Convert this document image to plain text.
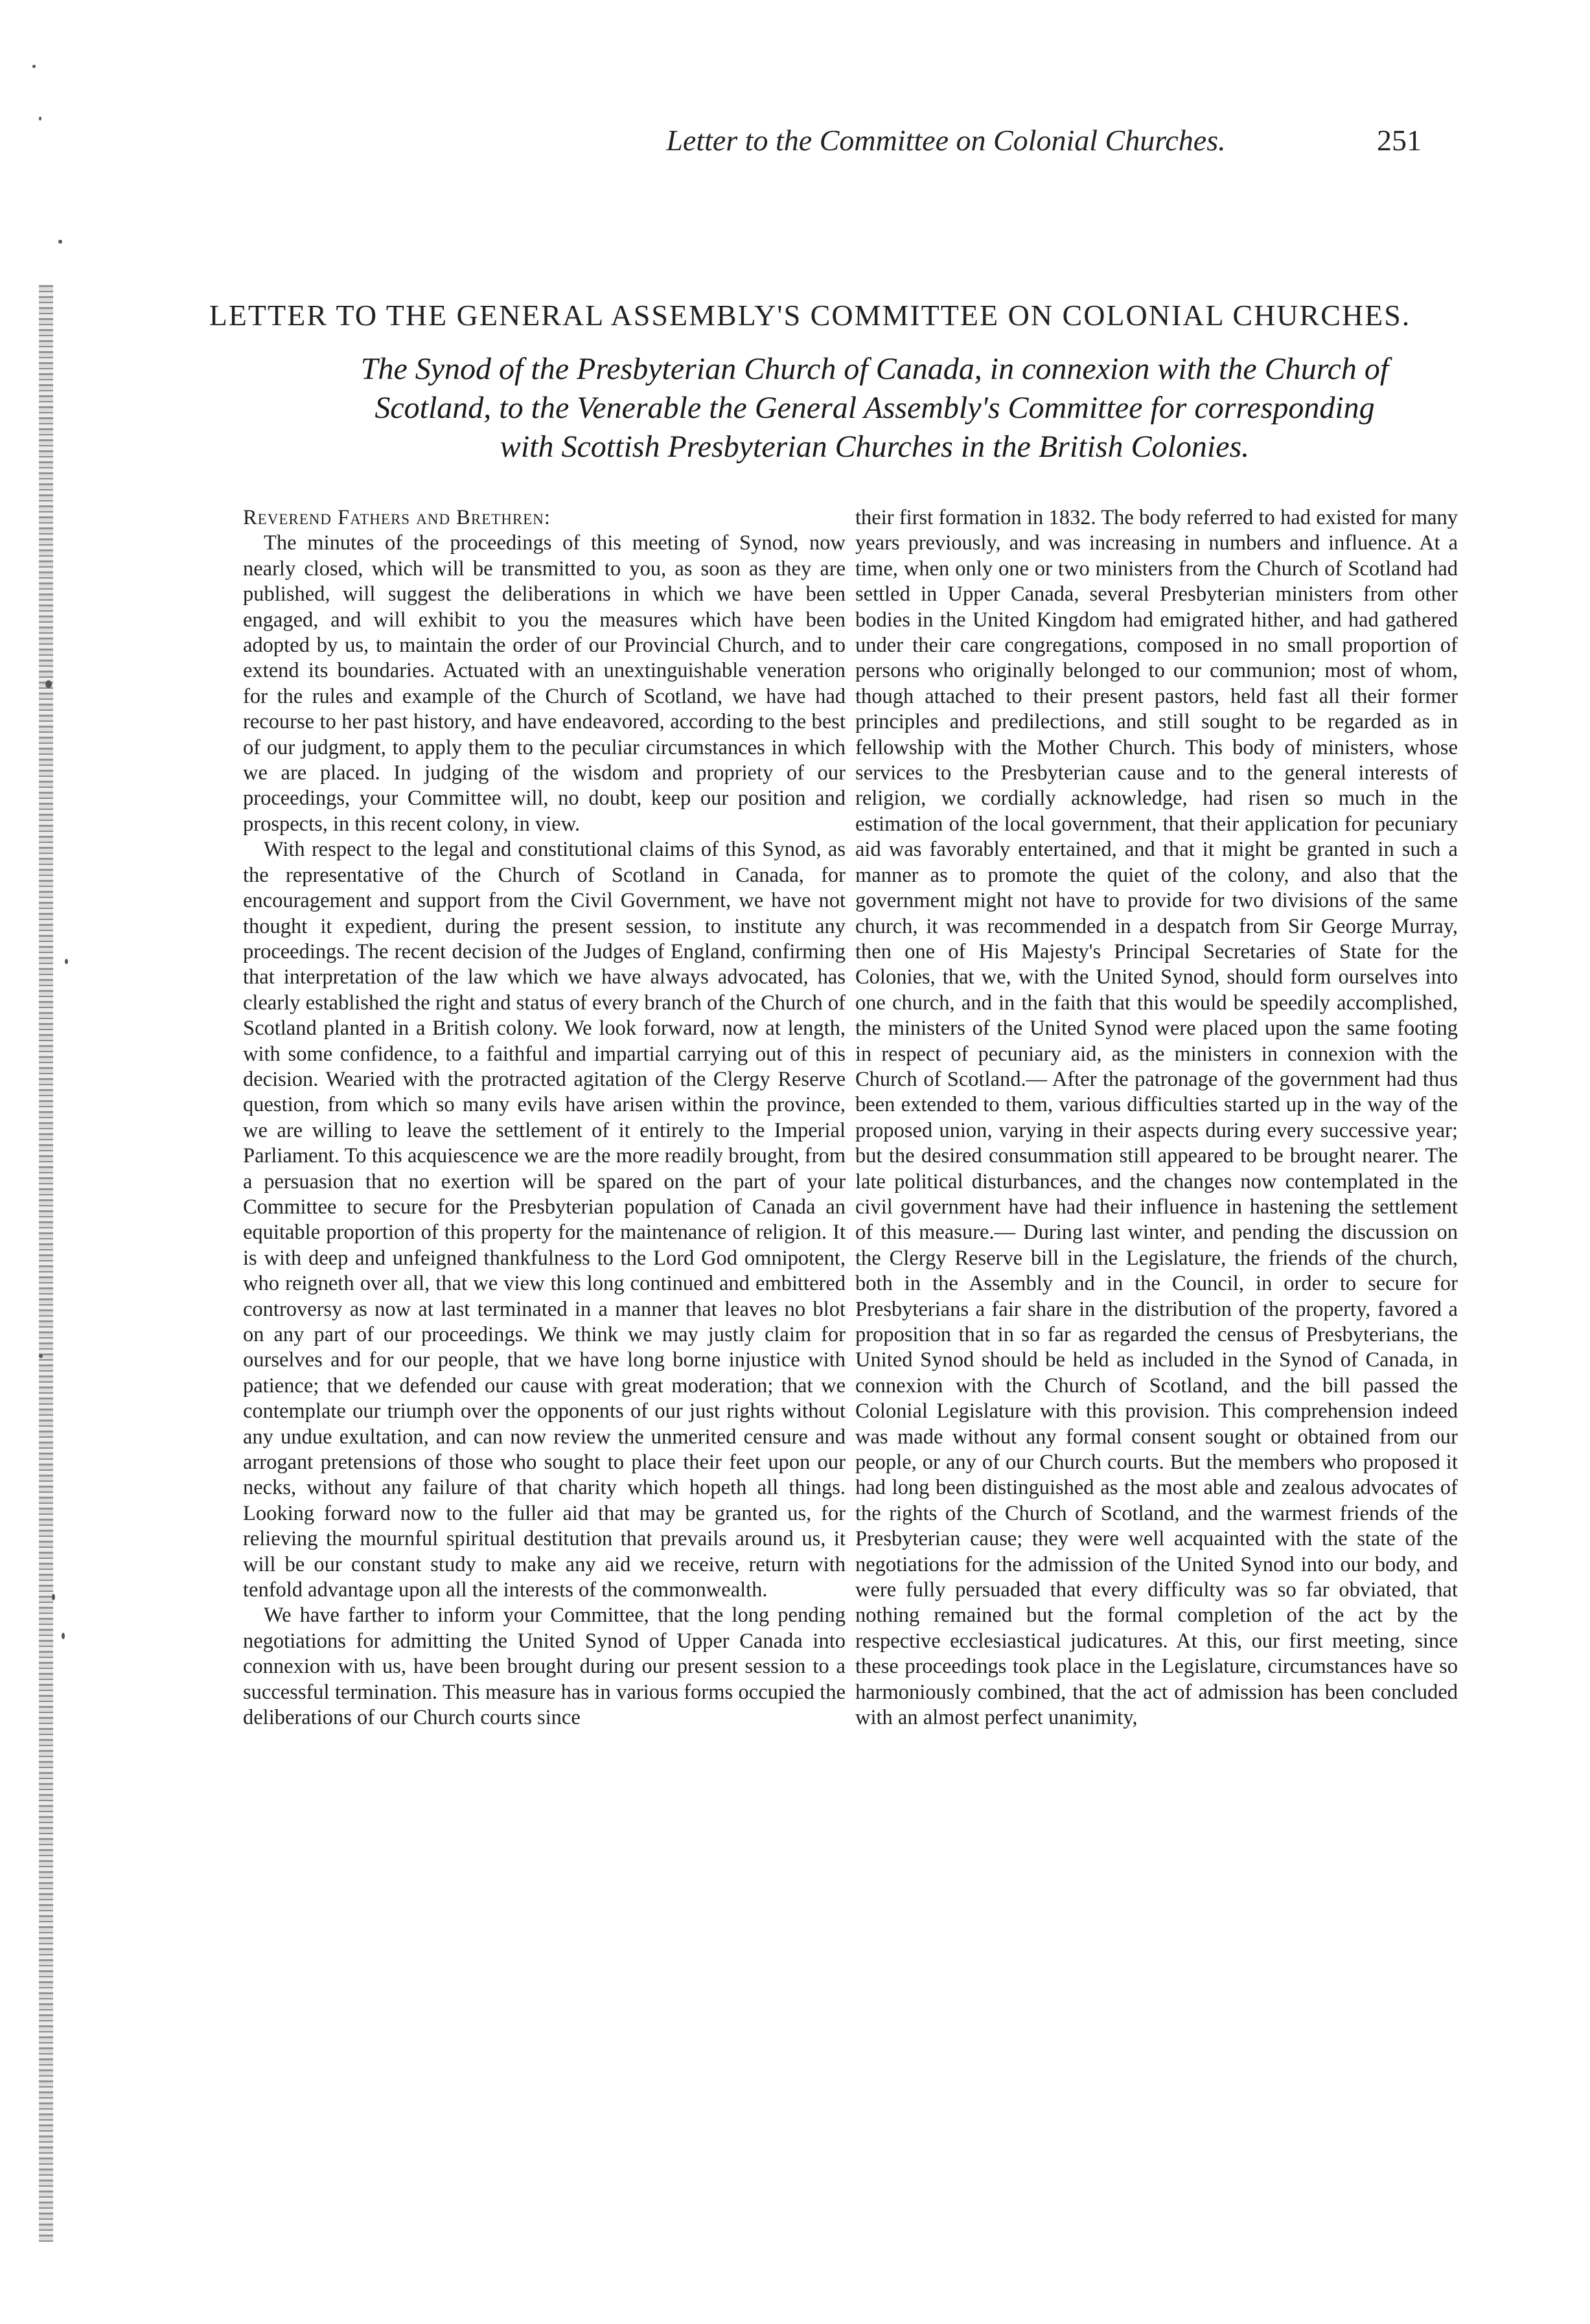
Letter to the Committee on Colonial Churches.	251
LETTER TO THE GENERAL ASSEMBLY'S COMMITTEE ON COLONIAL CHURCHES.
The Synod of the Presbyterian Church of Canada, in connexion with the Church of
Scotland, to the Venerable the General Assembly's Committee for corresponding
with Scottish Presbyterian Churches in the British Colonies.

Reverend Fathers and Brethren:

The minutes of the proceedings of this meeting of Synod, now nearly closed, which will be transmitted to you, as soon as they are published, will suggest the deliberations in which we have been engaged, and will exhibit to you the measures which have been adopted by us, to maintain the order of our Provincial Church, and to extend its boundaries. Actuated with an unextinguishable veneration for the rules and example of the Church of Scotland, we have had recourse to her past history, and have endeavored, according to the best of our judgment, to apply them to the peculiar circumstances in which we are placed. In judging of the wisdom and propriety of our proceedings, your Committee will, no doubt, keep our position and prospects, in this recent colony, in view.

With respect to the legal and constitutional claims of this Synod, as the representative of the Church of Scotland in Canada, for encouragement and support from the Civil Government, we have not thought it expedient, during the present session, to institute any proceedings. The recent decision of the Judges of England, confirming that interpretation of the law which we have always advocated, has clearly established the right and status of every branch of the Church of Scotland planted in a British colony. We look forward, now at length, with some confidence, to a faithful and impartial carrying out of this decision. Wearied with the protracted agitation of the Clergy Reserve question, from which so many evils have arisen within the province, we are willing to leave the settlement of it entirely to the Imperial Parliament. To this acquiescence we are the more readily brought, from a persuasion that no exertion will be spared on the part of your Committee to secure for the Presbyterian population of Canada an equitable proportion of this property for the maintenance of religion. It is with deep and unfeigned thankfulness to the Lord God omnipotent, who reigneth over all, that we view this long continued and embittered controversy as now at last terminated in a manner that leaves no blot on any part of our proceedings. We think we may justly claim for ourselves and for our people, that we have long borne injustice with patience; that we defended our cause with great moderation; that we contemplate our triumph over the opponents of our just rights without any undue exultation, and can now review the unmerited censure and arrogant pretensions of those who sought to place their feet upon our necks, without any failure of that charity which hopeth all things. Looking forward now to the fuller aid that may be granted us, for relieving the mournful spiritual destitution that prevails around us, it will be our constant study to make any aid we receive, return with tenfold advantage upon all the interests of the commonwealth.

We have farther to inform your Committee, that the long pending negotiations for admitting the United Synod of Upper Canada into connexion with us, have been brought during our present session to a successful termination. This measure has in various forms occupied the deliberations of our Church courts since

their first formation in 1832. The body referred to had existed for many years previously, and was increasing in numbers and influence. At a time, when only one or two ministers from the Church of Scotland had settled in Upper Canada, several Presbyterian ministers from other bodies in the United Kingdom had emigrated hither, and had gathered under their care congregations, composed in no small proportion of persons who originally belonged to our communion; most of whom, though attached to their present pastors, held fast all their former principles and predilections, and still sought to be regarded as in fellowship with the Mother Church. This body of ministers, whose services to the Presbyterian cause and to the general interests of religion, we cordially acknowledge, had risen so much in the estimation of the local government, that their application for pecuniary aid was favorably entertained, and that it might be granted in such a manner as to promote the quiet of the colony, and also that the government might not have to provide for two divisions of the same church, it was recommended in a despatch from Sir George Murray, then one of His Majesty's Principal Secretaries of State for the Colonies, that we, with the United Synod, should form ourselves into one church, and in the faith that this would be speedily accomplished, the ministers of the United Synod were placed upon the same footing in respect of pecuniary aid, as the ministers in connexion with the Church of Scotland.— After the patronage of the government had thus been extended to them, various difficulties started up in the way of the proposed union, varying in their aspects during every successive year; but the desired consummation still appeared to be brought nearer. The late political disturbances, and the changes now contemplated in the civil government have had their influence in hastening the settlement of this measure.— During last winter, and pending the discussion on the Clergy Reserve bill in the Legislature, the friends of the church, both in the Assembly and in the Council, in order to secure for Presbyterians a fair share in the distribution of the property, favored a proposition that in so far as regarded the census of Presbyterians, the United Synod should be held as included in the Synod of Canada, in connexion with the Church of Scotland, and the bill passed the Colonial Legislature with this provision. This comprehension indeed was made without any formal consent sought or obtained from our people, or any of our Church courts. But the members who proposed it had long been distinguished as the most able and zealous advocates of the rights of the Church of Scotland, and the warmest friends of the Presbyterian cause; they were well acquainted with the state of the negotiations for the admission of the United Synod into our body, and were fully persuaded that every difficulty was so far obviated, that nothing remained but the formal completion of the act by the respective ecclesiastical judicatures. At this, our first meeting, since these proceedings took place in the Legislature, circumstances have so harmoniously combined, that the act of admission has been concluded with an almost perfect unanimity,
